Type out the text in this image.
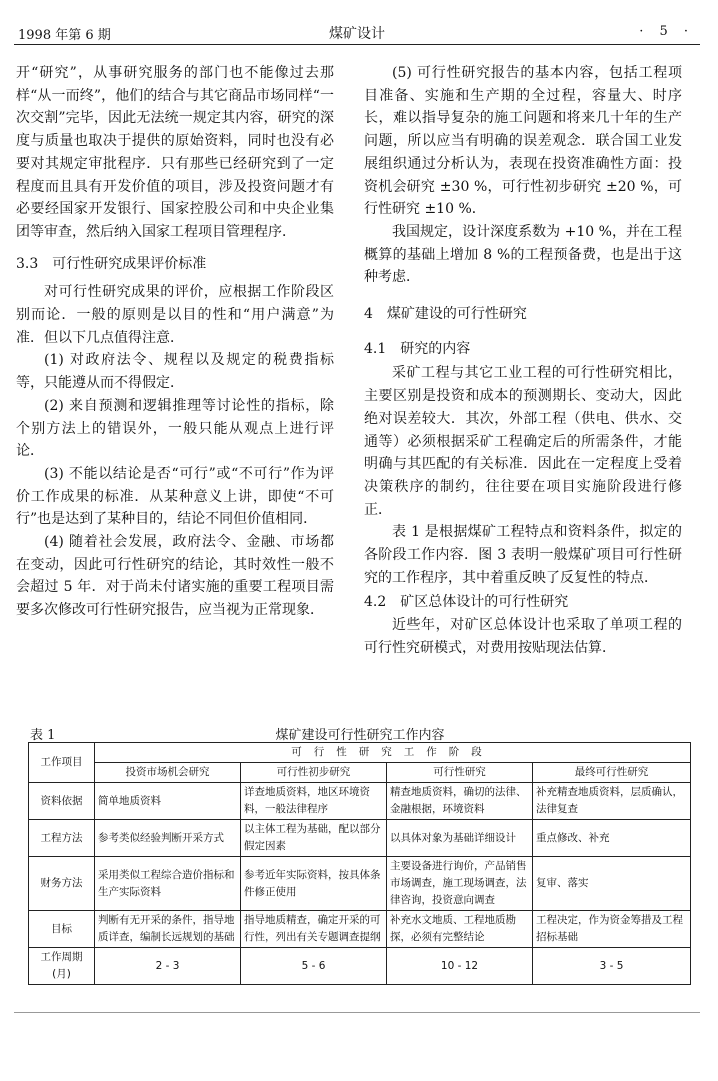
1998 年第 6 期	煤矿设计	· 5 ·

开“研究”，从事研究服务的部门也不能像过去那样“从一而终”，他们的结合与其它商品市场同样“一次交割”完毕，因此无法统一规定其内容，研究的深度与质量也取决于提供的原始资料，同时也没有必要对其规定审批程序．只有那些已经研究到了一定程度而且具有开发价值的项目，涉及投资问题才有必要经国家开发银行、国家控股公司和中央企业集团等审查，然后纳入国家工程项目管理程序．

3.3　可行性研究成果评价标准

对可行性研究成果的评价，应根据工作阶段区别而论．一般的原则是以目的性和“用户满意”为准．但以下几点值得注意．

(1) 对政府法令、规程以及规定的税费指标等，只能遵从而不得假定．

(2) 来自预测和逻辑推理等讨论性的指标，除个别方法上的错误外，一般只能从观点上进行评论．

(3) 不能以结论是否“可行”或“不可行”作为评价工作成果的标准．从某种意义上讲，即使“不可行”也是达到了某种目的，结论不同但价值相同．

(4) 随着社会发展，政府法令、金融、市场都在变动，因此可行性研究的结论，其时效性一般不会超过 5 年．对于尚未付诸实施的重要工程项目需要多次修改可行性研究报告，应当视为正常现象．

(5) 可行性研究报告的基本内容，包括工程项目准备、实施和生产期的全过程，容量大、时序长，难以指导复杂的施工问题和将来几十年的生产问题，所以应当有明确的误差观念．联合国工业发展组织通过分析认为，表现在投资准确性方面：投资机会研究 ±30 %，可行性初步研究 ±20 %，可行性研究 ±10 %．

我国规定，设计深度系数为 +10 %，并在工程概算的基础上增加 8 %的工程预备费，也是出于这种考虑．

4　煤矿建设的可行性研究
4.1　研究的内容

采矿工程与其它工业工程的可行性研究相比，主要区别是投资和成本的预测期长、变动大，因此绝对误差较大．其次，外部工程（供电、供水、交通等）必须根据采矿工程确定后的所需条件，才能明确与其匹配的有关标准．因此在一定程度上受着决策秩序的制约，往往要在项目实施阶段进行修正．

表 1 是根据煤矿工程特点和资料条件，拟定的各阶段工作内容．图 3 表明一般煤矿项目可行性研究的工作程序，其中着重反映了反复性的特点．

4.2　矿区总体设计的可行性研究

近些年，对矿区总体设计也采取了单项工程的可行性究研模式，对费用按贴现法估算．

表 1	煤矿建设可行性研究工作内容
工作项目	可行性研究工作阶段			
	投资市场机会研究	可行性初步研究	可行性研究	最终可行性研究
资料依据	简单地质资料	详查地质资料，地区环境资料，一般法律程序	精查地质资料，确切的法律、金融根据，环境资料	补充精查地质资料，层质确认，法律复查
工程方法	参考类似经验判断开采方式	以主体工程为基础，配以部分假定因素	以具体对象为基础详细设计	重点修改、补充
财务方法	采用类似工程综合造价指标和生产实际资料	参考近年实际资料，按具体条件修正使用	主要设备进行询价，产品销售市场调查，施工现场调查，法律咨询，投资意向调查	复审、落实
目标	判断有无开采的条件，指导地质详查，编制长远规划的基础	指导地质精查，确定开采的可行性，列出有关专题调查提纲	补充水文地质、工程地质勘探，必须有完整结论	工程决定，作为资金筹措及工程招标基础
工作周期(月)	2 - 3	5 - 6	10 - 12	3 - 5
